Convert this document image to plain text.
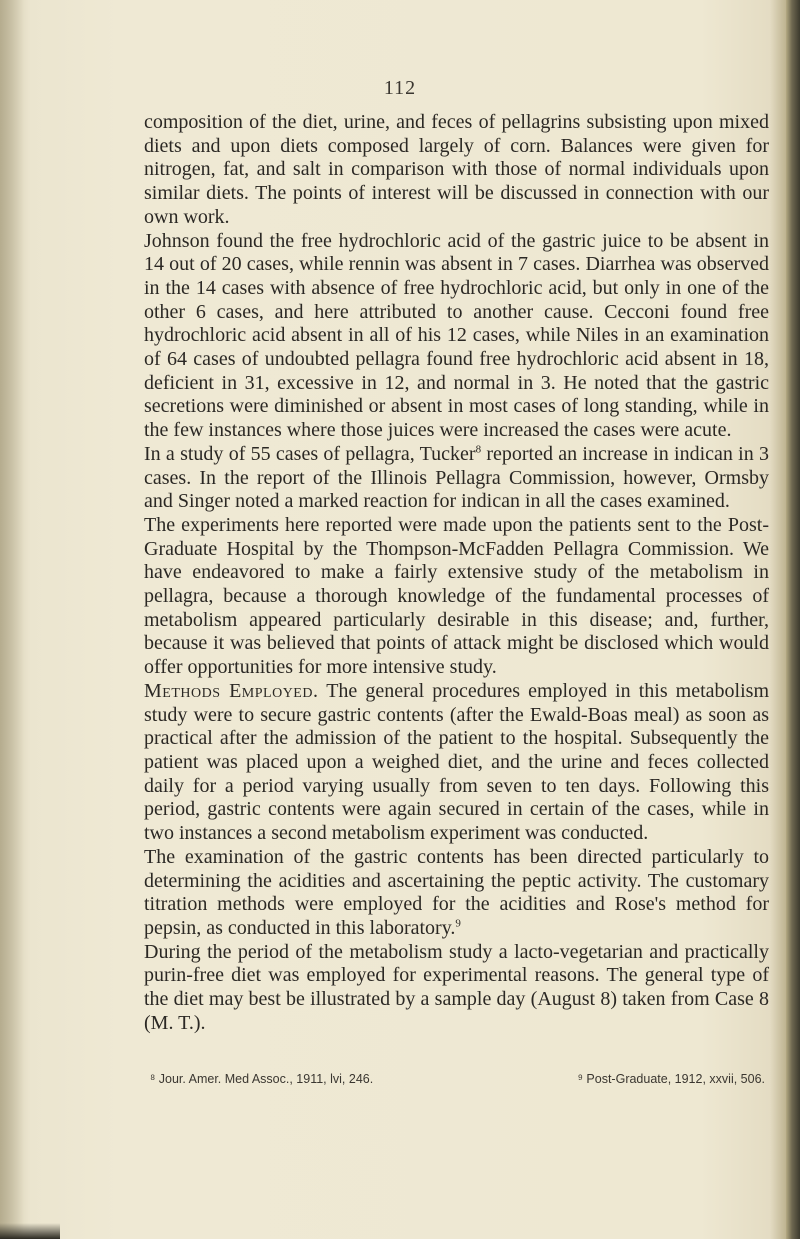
112

composition of the diet, urine, and feces of pellagrins subsisting upon mixed diets and upon diets composed largely of corn. Balances were given for nitrogen, fat, and salt in comparison with those of normal individuals upon similar diets. The points of interest will be discussed in connection with our own work.

Johnson found the free hydrochloric acid of the gastric juice to be absent in 14 out of 20 cases, while rennin was absent in 7 cases. Diarrhea was observed in the 14 cases with absence of free hydrochloric acid, but only in one of the other 6 cases, and here attributed to another cause. Cecconi found free hydrochloric acid absent in all of his 12 cases, while Niles in an examination of 64 cases of undoubted pellagra found free hydrochloric acid absent in 18, deficient in 31, excessive in 12, and normal in 3. He noted that the gastric secretions were diminished or absent in most cases of long standing, while in the few instances where those juices were increased the cases were acute.

In a study of 55 cases of pellagra, Tucker$^8$ reported an increase in indican in 3 cases. In the report of the Illinois Pellagra Commission, however, Ormsby and Singer noted a marked reaction for indican in all the cases examined.

The experiments here reported were made upon the patients sent to the Post-Graduate Hospital by the Thompson-McFadden Pellagra Commission. We have endeavored to make a fairly extensive study of the metabolism in pellagra, because a thorough knowledge of the fundamental processes of metabolism appeared particularly desirable in this disease; and, further, because it was believed that points of attack might be disclosed which would offer opportunities for more intensive study.

Methods Employed. The general procedures employed in this metabolism study were to secure gastric contents (after the Ewald-Boas meal) as soon as practical after the admission of the patient to the hospital. Subsequently the patient was placed upon a weighed diet, and the urine and feces collected daily for a period varying usually from seven to ten days. Following this period, gastric contents were again secured in certain of the cases, while in two instances a second metabolism experiment was conducted.

The examination of the gastric contents has been directed particularly to determining the acidities and ascertaining the peptic activity. The customary titration methods were employed for the acidities and Rose's method for pepsin, as conducted in this laboratory.$^9$

During the period of the metabolism study a lacto-vegetarian and practically purin-free diet was employed for experimental reasons. The general type of the diet may best be illustrated by a sample day (August 8) taken from Case 8 (M. T.).

⁸ Jour. Amer. Med Assoc., 1911, lvi, 246.	⁹ Post-Graduate, 1912, xxvii, 506.
